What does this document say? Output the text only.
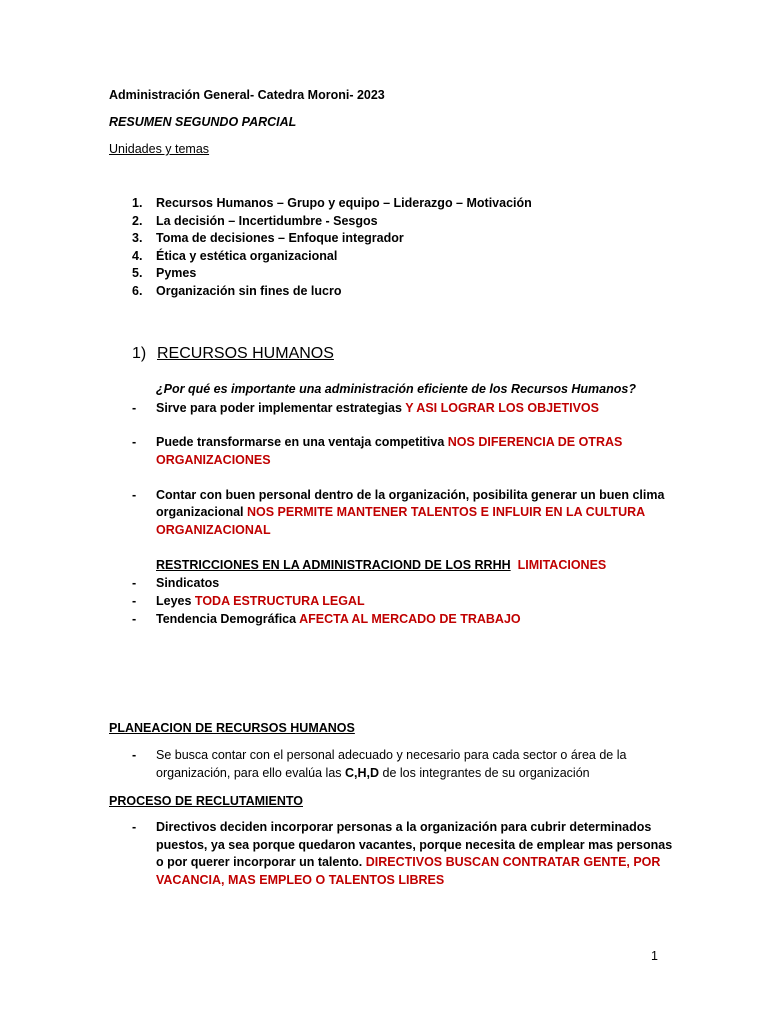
Administración General- Catedra Moroni- 2023
RESUMEN SEGUNDO PARCIAL
Unidades y temas
1. Recursos Humanos – Grupo y equipo – Liderazgo – Motivación
2. La decisión – Incertidumbre - Sesgos
3. Toma de decisiones – Enfoque integrador
4. Ética y estética organizacional
5. Pymes
6. Organización sin fines de lucro
1) RECURSOS HUMANOS
¿Por qué es importante una administración eficiente de los Recursos Humanos?
- Sirve para poder implementar estrategias Y ASI LOGRAR LOS OBJETIVOS
- Puede transformarse en una ventaja competitiva NOS DIFERENCIA DE OTRAS
ORGANIZACIONES
- Contar con buen personal dentro de la organización, posibilita generar un buen clima
organizacional NOS PERMITE MANTENER TALENTOS E INFLUIR EN LA CULTURA
ORGANIZACIONAL
RESTRICCIONES EN LA ADMINISTRACIOND DE LOS RRHH LIMITACIONES
- Sindicatos
- Leyes TODA ESTRUCTURA LEGAL
- Tendencia Demográfica AFECTA AL MERCADO DE TRABAJO
PLANEACION DE RECURSOS HUMANOS
- Se busca contar con el personal adecuado y necesario para cada sector o área de la
organización, para ello evalúa las C,H,D de los integrantes de su organización
PROCESO DE RECLUTAMIENTO
- Directivos deciden incorporar personas a la organización para cubrir determinados
puestos, ya sea porque quedaron vacantes, porque necesita de emplear mas personas
o por querer incorporar un talento. DIRECTIVOS BUSCAN CONTRATAR GENTE, POR
VACANCIA, MAS EMPLEO O TALENTOS LIBRES
1
